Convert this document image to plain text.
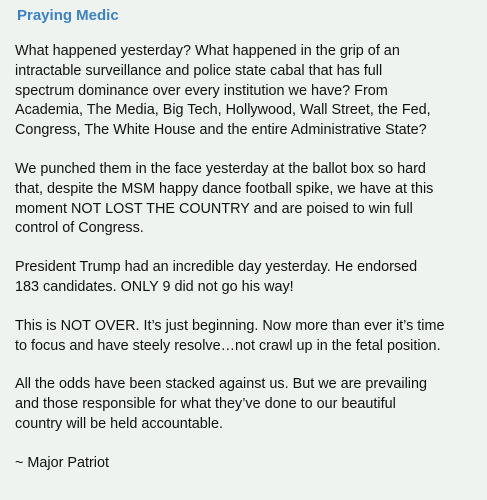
Praying Medic
What happened yesterday? What happened in the grip of an
intractable surveillance and police state cabal that has full
spectrum dominance over every institution we have? From
Academia, The Media, Big Tech, Hollywood, Wall Street, the Fed,
Congress, The White House and the entire Administrative State?
We punched them in the face yesterday at the ballot box so hard
that, despite the MSM happy dance football spike, we have at this
moment NOT LOST THE COUNTRY and are poised to win full
control of Congress.
President Trump had an incredible day yesterday. He endorsed
183 candidates. ONLY 9 did not go his way!
This is NOT OVER. It’s just beginning. Now more than ever it’s time
to focus and have steely resolve…not crawl up in the fetal position.
All the odds have been stacked against us. But we are prevailing
and those responsible for what they’ve done to our beautiful
country will be held accountable.
~ Major Patriot
